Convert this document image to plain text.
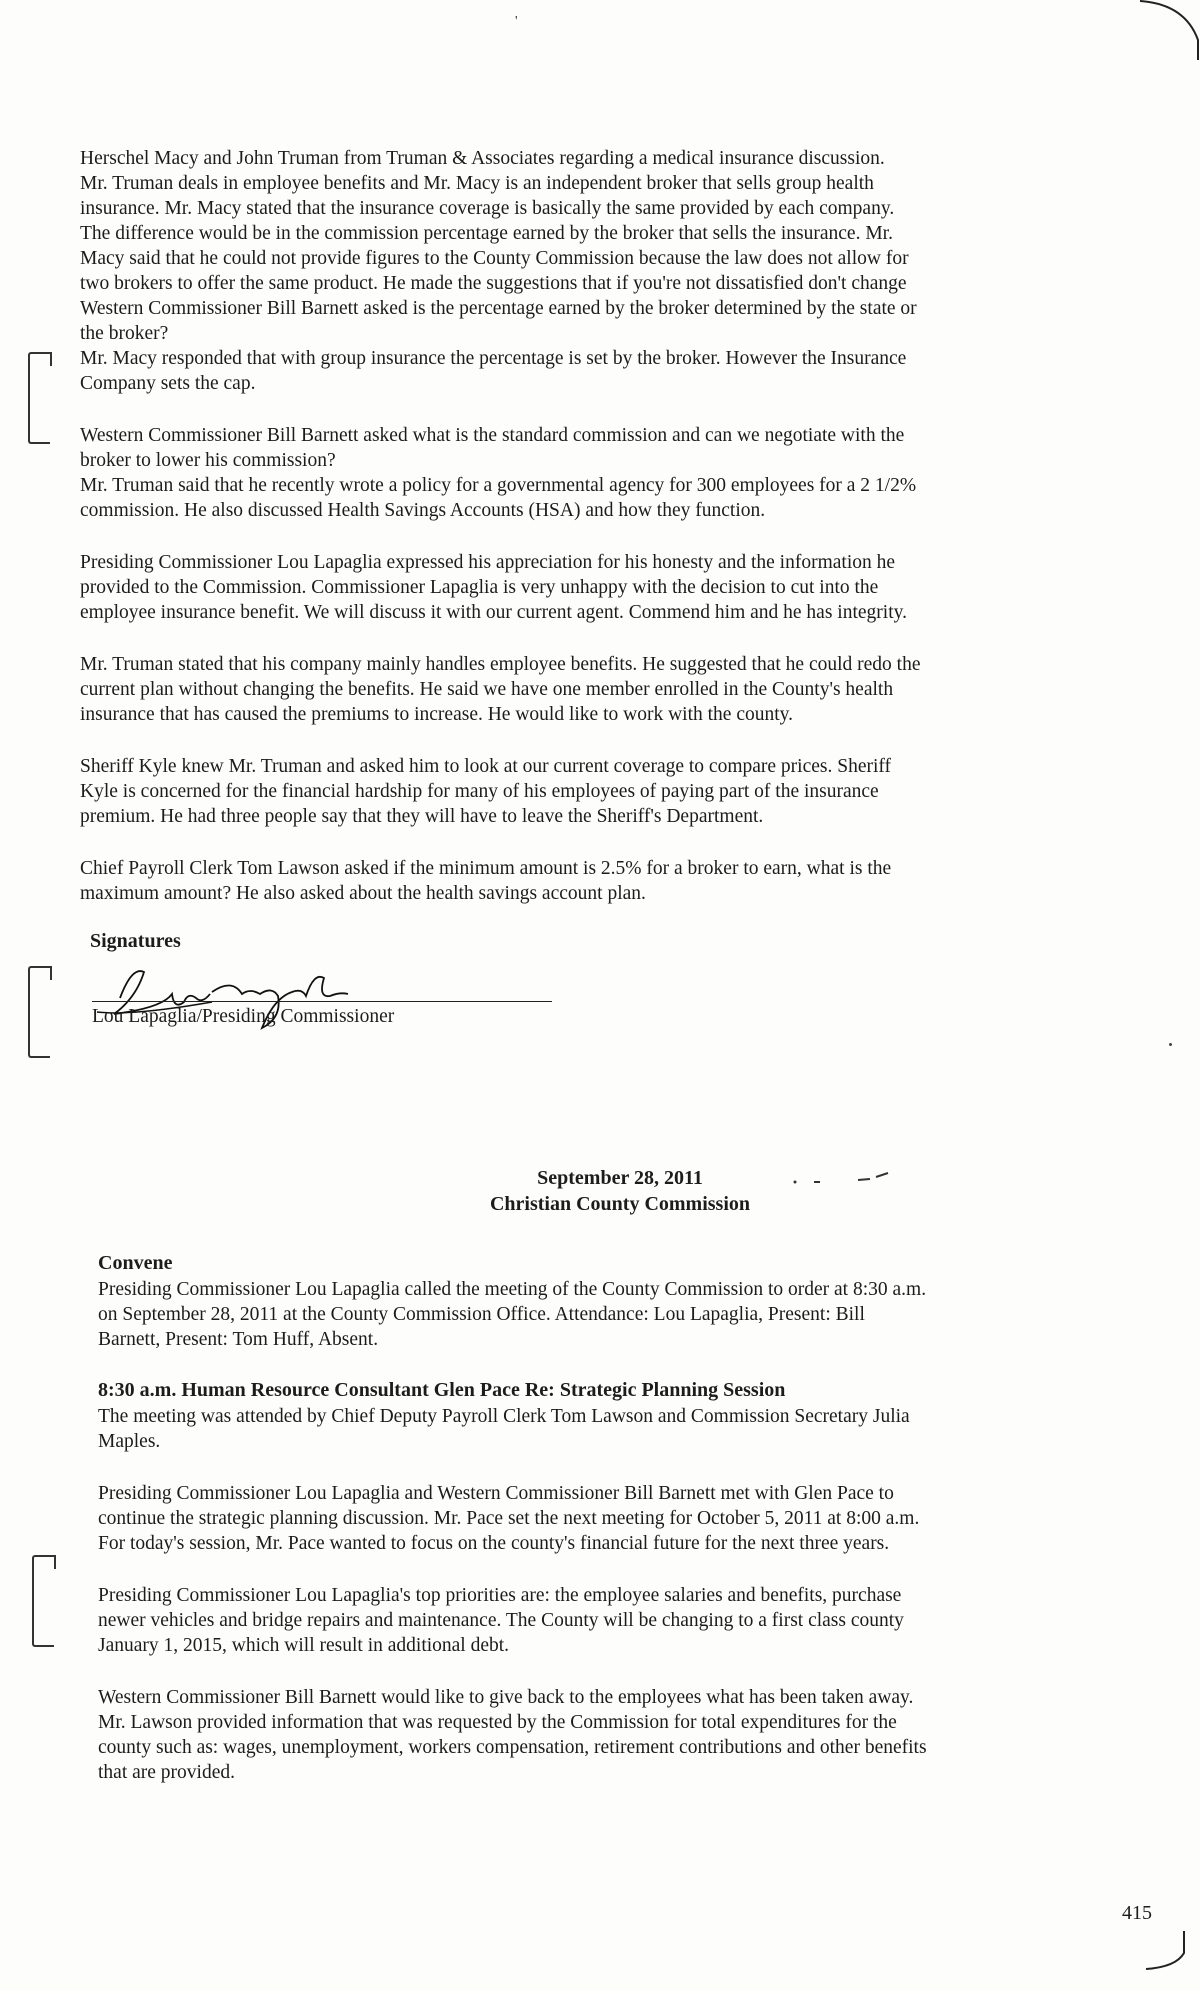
'

Herschel Macy and John Truman from Truman & Associates regarding a medical insurance discussion.
Mr. Truman deals in employee benefits and Mr. Macy is an independent broker that sells group health
insurance. Mr. Macy stated that the insurance coverage is basically the same provided by each company.
The difference would be in the commission percentage earned by the broker that sells the insurance. Mr.
Macy said that he could not provide figures to the County Commission because the law does not allow for
two brokers to offer the same product. He made the suggestions that if you're not dissatisfied don't change
Western Commissioner Bill Barnett asked is the percentage earned by the broker determined by the state or
the broker?
Mr. Macy responded that with group insurance the percentage is set by the broker. However the Insurance
Company sets the cap.

Western Commissioner Bill Barnett asked what is the standard commission and can we negotiate with the
broker to lower his commission?
Mr. Truman said that he recently wrote a policy for a governmental agency for 300 employees for a 2 1/2%
commission. He also discussed Health Savings Accounts (HSA) and how they function.

Presiding Commissioner Lou Lapaglia expressed his appreciation for his honesty and the information he
provided to the Commission. Commissioner Lapaglia is very unhappy with the decision to cut into the
employee insurance benefit. We will discuss it with our current agent. Commend him and he has integrity.

Mr. Truman stated that his company mainly handles employee benefits. He suggested that he could redo the
current plan without changing the benefits. He said we have one member enrolled in the County's health
insurance that has caused the premiums to increase. He would like to work with the county.

Sheriff Kyle knew Mr. Truman and asked him to look at our current coverage to compare prices. Sheriff
Kyle is concerned for the financial hardship for many of his employees of paying part of the insurance
premium. He had three people say that they will have to leave the Sheriff's Department.

Chief Payroll Clerk Tom Lawson asked if the minimum amount is 2.5% for a broker to earn, what is the
maximum amount? He also asked about the health savings account plan.

Signatures
Lou Lapaglia/Presiding Commissioner
September 28, 2011
Christian County Commission
Convene

Presiding Commissioner Lou Lapaglia called the meeting of the County Commission to order at 8:30 a.m.
on September 28, 2011 at the County Commission Office. Attendance: Lou Lapaglia, Present: Bill
Barnett, Present: Tom Huff, Absent.

8:30 a.m. Human Resource Consultant Glen Pace Re: Strategic Planning Session

The meeting was attended by Chief Deputy Payroll Clerk Tom Lawson and Commission Secretary Julia
Maples.

Presiding Commissioner Lou Lapaglia and Western Commissioner Bill Barnett met with Glen Pace to
continue the strategic planning discussion. Mr. Pace set the next meeting for October 5, 2011 at 8:00 a.m.
For today's session, Mr. Pace wanted to focus on the county's financial future for the next three years.

Presiding Commissioner Lou Lapaglia's top priorities are: the employee salaries and benefits, purchase
newer vehicles and bridge repairs and maintenance. The County will be changing to a first class county
January 1, 2015, which will result in additional debt.

Western Commissioner Bill Barnett would like to give back to the employees what has been taken away.
Mr. Lawson provided information that was requested by the Commission for total expenditures for the
county such as: wages, unemployment, workers compensation, retirement contributions and other benefits
that are provided.

415
